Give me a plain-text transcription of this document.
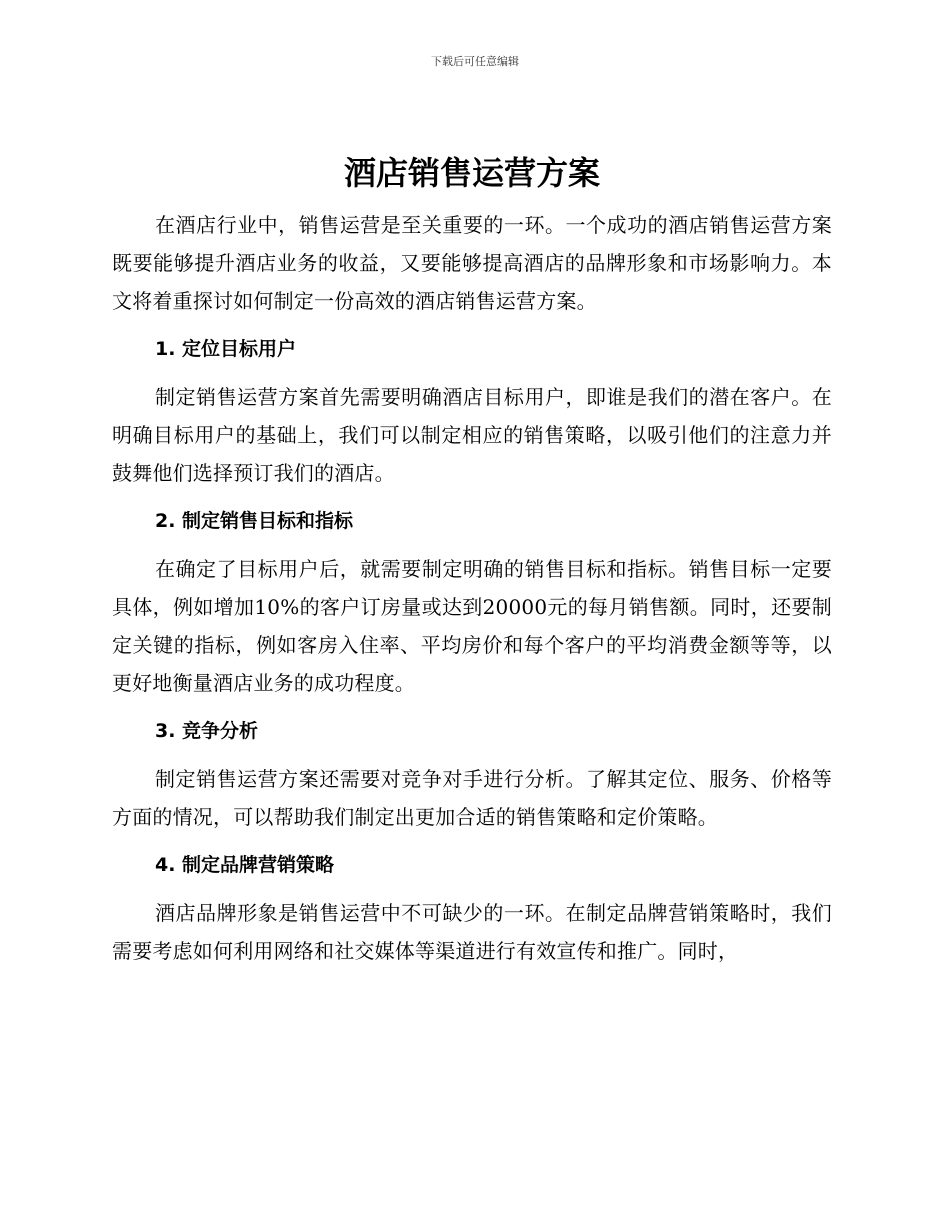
下载后可任意编辑
酒店销售运营方案

在酒店行业中，销售运营是至关重要的一环。一个成功的酒店销售运营方案既要能够提升酒店业务的收益，又要能够提高酒店的品牌形象和市场影响力。本文将着重探讨如何制定一份高效的酒店销售运营方案。

1. 定位目标用户

制定销售运营方案首先需要明确酒店目标用户，即谁是我们的潜在客户。在明确目标用户的基础上，我们可以制定相应的销售策略，以吸引他们的注意力并鼓舞他们选择预订我们的酒店。

2. 制定销售目标和指标

在确定了目标用户后，就需要制定明确的销售目标和指标。销售目标一定要具体，例如增加10%的客户订房量或达到20000元的每月销售额。同时，还要制定关键的指标，例如客房入住率、平均房价和每个客户的平均消费金额等等，以更好地衡量酒店业务的成功程度。

3. 竞争分析

制定销售运营方案还需要对竞争对手进行分析。了解其定位、服务、价格等方面的情况，可以帮助我们制定出更加合适的销售策略和定价策略。

4. 制定品牌营销策略

酒店品牌形象是销售运营中不可缺少的一环。在制定品牌营销策略时，我们需要考虑如何利用网络和社交媒体等渠道进行有效宣传和推广。同时，
